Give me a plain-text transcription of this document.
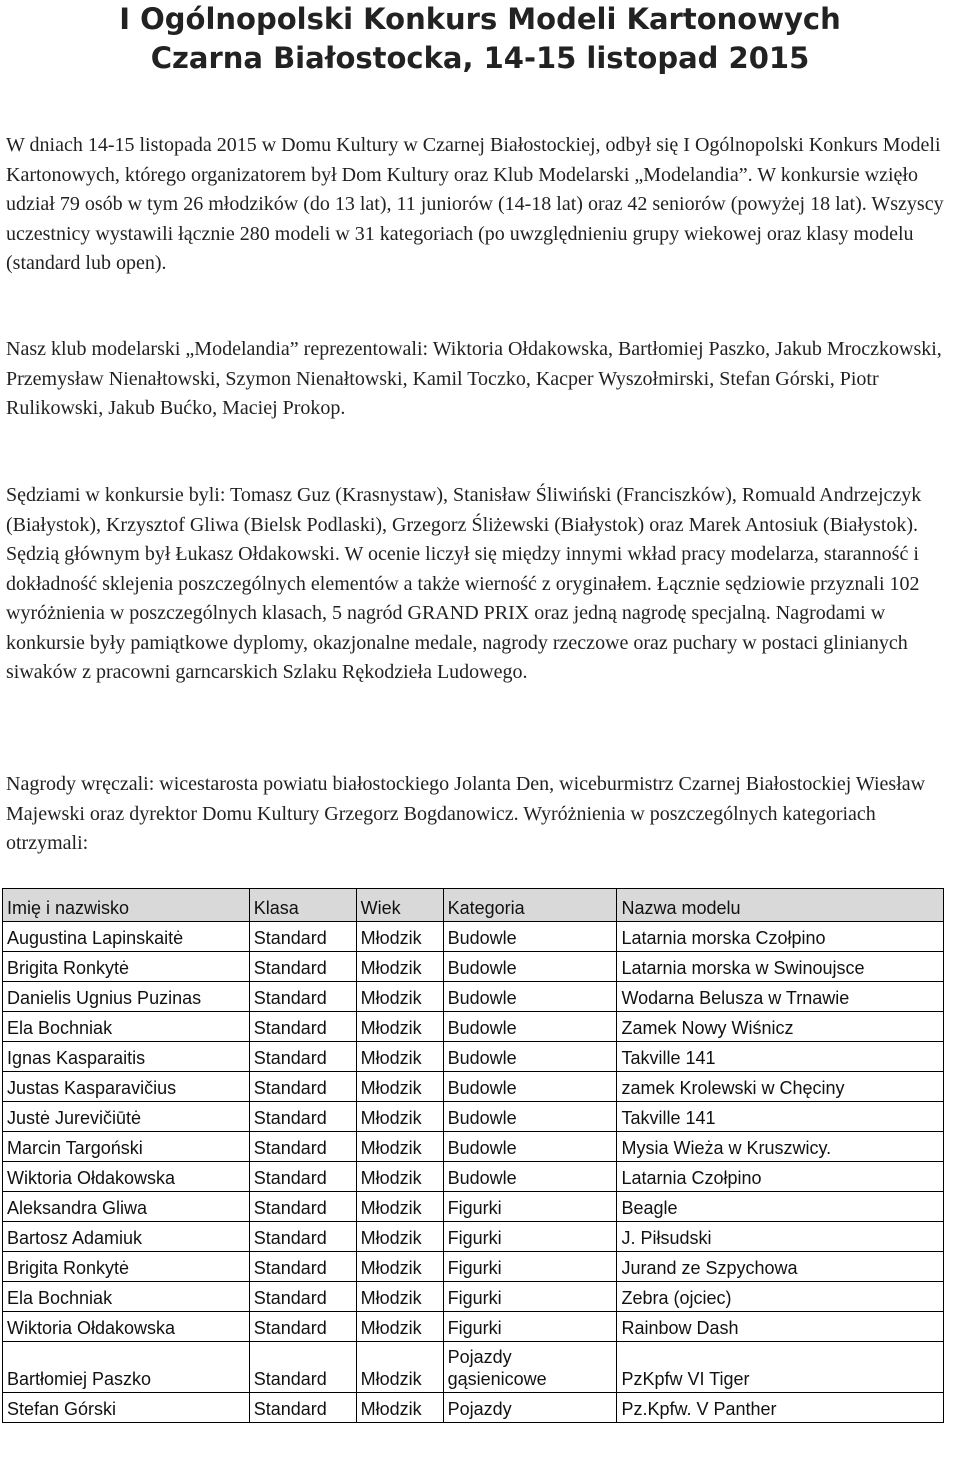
I Ogólnopolski Konkurs Modeli Kartonowych
Czarna Białostocka, 14-15 listopad 2015

W dniach 14-15 listopada 2015 w Domu Kultury w Czarnej Białostockiej, odbył się I Ogólnopolski Konkurs Modeli Kartonowych, którego organizatorem był Dom Kultury oraz Klub Modelarski „Modelandia”. W konkursie wzięło udział 79 osób w tym 26 młodzików (do 13 lat), 11 juniorów (14-18 lat) oraz 42 seniorów (powyżej 18 lat). Wszyscy uczestnicy wystawili łącznie 280 modeli w 31 kategoriach (po uwzględnieniu grupy wiekowej oraz klasy modelu (standard lub open).

Nasz klub modelarski „Modelandia” reprezentowali: Wiktoria Ołdakowska, Bartłomiej Paszko, Jakub Mroczkowski, Przemysław Nienałtowski, Szymon Nienałtowski, Kamil Toczko, Kacper Wyszołmirski, Stefan Górski, Piotr Rulikowski, Jakub Bućko, Maciej Prokop.

Sędziami w konkursie byli: Tomasz Guz (Krasnystaw), Stanisław Śliwiński (Franciszków), Romuald Andrzejczyk (Białystok), Krzysztof Gliwa (Bielsk Podlaski), Grzegorz Śliżewski (Białystok) oraz Marek Antosiuk (Białystok). Sędzią głównym był Łukasz Ołdakowski. W ocenie liczył się między innymi wkład pracy modelarza, staranność i dokładność sklejenia poszczególnych elementów a także wierność z oryginałem. Łącznie sędziowie przyznali 102 wyróżnienia w poszczególnych klasach, 5 nagród GRAND PRIX oraz jedną nagrodę specjalną. Nagrodami w konkursie były pamiątkowe dyplomy, okazjonalne medale, nagrody rzeczowe oraz puchary w postaci glinianych siwaków z pracowni garncarskich Szlaku Rękodzieła Ludowego.

Nagrody wręczali: wicestarosta powiatu białostockiego Jolanta Den, wiceburmistrz Czarnej Białostockiej Wiesław Majewski oraz dyrektor Domu Kultury Grzegorz Bogdanowicz. Wyróżnienia w poszczególnych kategoriach otrzymali:

Imię i nazwisko	Klasa	Wiek	Kategoria	Nazwa modelu
Augustina Lapinskaitė	Standard	Młodzik	Budowle	Latarnia morska Czołpino
Brigita Ronkytė	Standard	Młodzik	Budowle	Latarnia morska w Swinoujsce
Danielis Ugnius Puzinas	Standard	Młodzik	Budowle	Wodarna Belusza w Trnawie
Ela Bochniak	Standard	Młodzik	Budowle	Zamek Nowy Wiśnicz
Ignas Kasparaitis	Standard	Młodzik	Budowle	Takville 141
Justas Kasparavičius	Standard	Młodzik	Budowle	zamek Krolewski w Chęciny
Justė Jurevičiūtė	Standard	Młodzik	Budowle	Takville 141
Marcin Targoński	Standard	Młodzik	Budowle	Mysia Wieża w Kruszwicy.
Wiktoria Ołdakowska	Standard	Młodzik	Budowle	Latarnia Czołpino
Aleksandra Gliwa	Standard	Młodzik	Figurki	Beagle
Bartosz Adamiuk	Standard	Młodzik	Figurki	J. Piłsudski
Brigita Ronkytė	Standard	Młodzik	Figurki	Jurand ze Szpychowa
Ela Bochniak	Standard	Młodzik	Figurki	Zebra (ojciec)
Wiktoria Ołdakowska	Standard	Młodzik	Figurki	Rainbow Dash
Bartłomiej Paszko	Standard	Młodzik	Pojazdy gąsienicowe	PzKpfw VI Tiger
Stefan Górski	Standard	Młodzik	Pojazdy	Pz.Kpfw. V Panther
